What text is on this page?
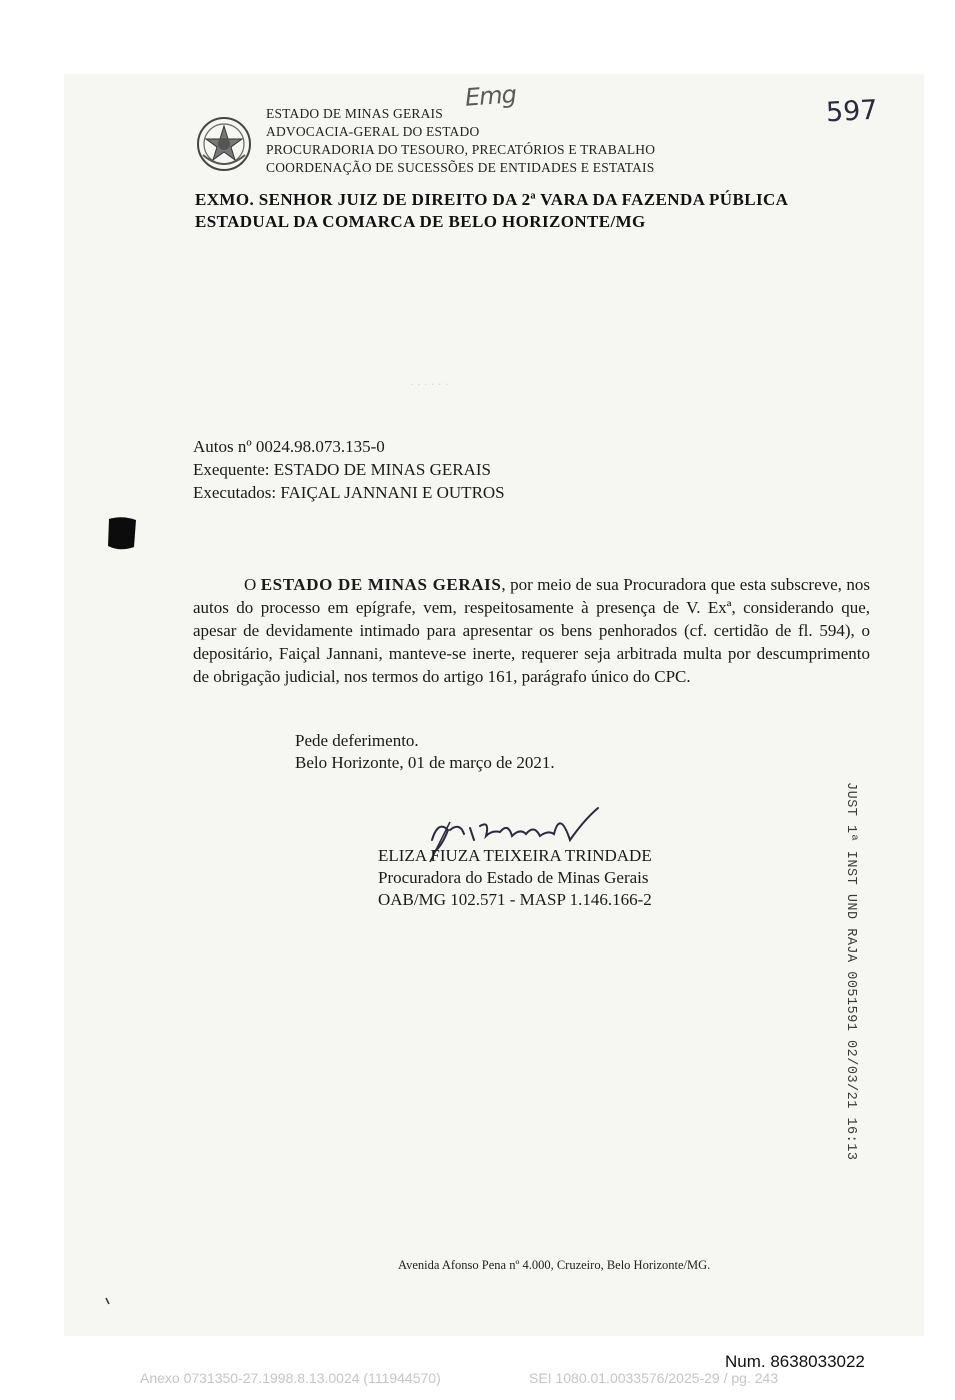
ESTADO DE MINAS GERAIS
ADVOCACIA-GERAL DO ESTADO
PROCURADORIA DO TESOURO, PRECATÓRIOS E TRABALHO
COORDENAÇÃO DE SUCESSÕES DE ENTIDADES E ESTATAIS
Emg	597
EXMO. SENHOR JUIZ DE DIREITO DA 2ª VARA DA FAZENDA PÚBLICA
ESTADUAL DA COMARCA DE BELO HORIZONTE/MG
· · · · · ·
Autos nº 0024.98.073.135-0
Exequente: ESTADO DE MINAS GERAIS
Executados: FAIÇAL JANNANI E OUTROS
O ESTADO DE MINAS GERAIS, por meio de sua Procuradora que esta subscreve, nos autos do processo em epígrafe, vem, respeitosamente à presença de V. Exª, considerando que, apesar de devidamente intimado para apresentar os bens penhorados (cf. certidão de fl. 594), o depositário, Faiçal Jannani, manteve-se inerte, requerer seja arbitrada multa por descumprimento de obrigação judicial, nos termos do artigo 161, parágrafo único do CPC.
Pede deferimento.
Belo Horizonte, 01 de março de 2021.
ELIZA FIUZA TEIXEIRA TRINDADE
Procuradora do Estado de Minas Gerais
OAB/MG 102.571 - MASP 1.146.166-2	JUST 1ª INST UND RAJA 0051591 02/03/21 16:13
Avenida Afonso Pena nº 4.000, Cruzeiro, Belo Horizonte/MG.
Num. 8638033022
Anexo 0731350-27.1998.8.13.0024 (111944570)	SEI 1080.01.0033576/2025-29 / pg. 243
